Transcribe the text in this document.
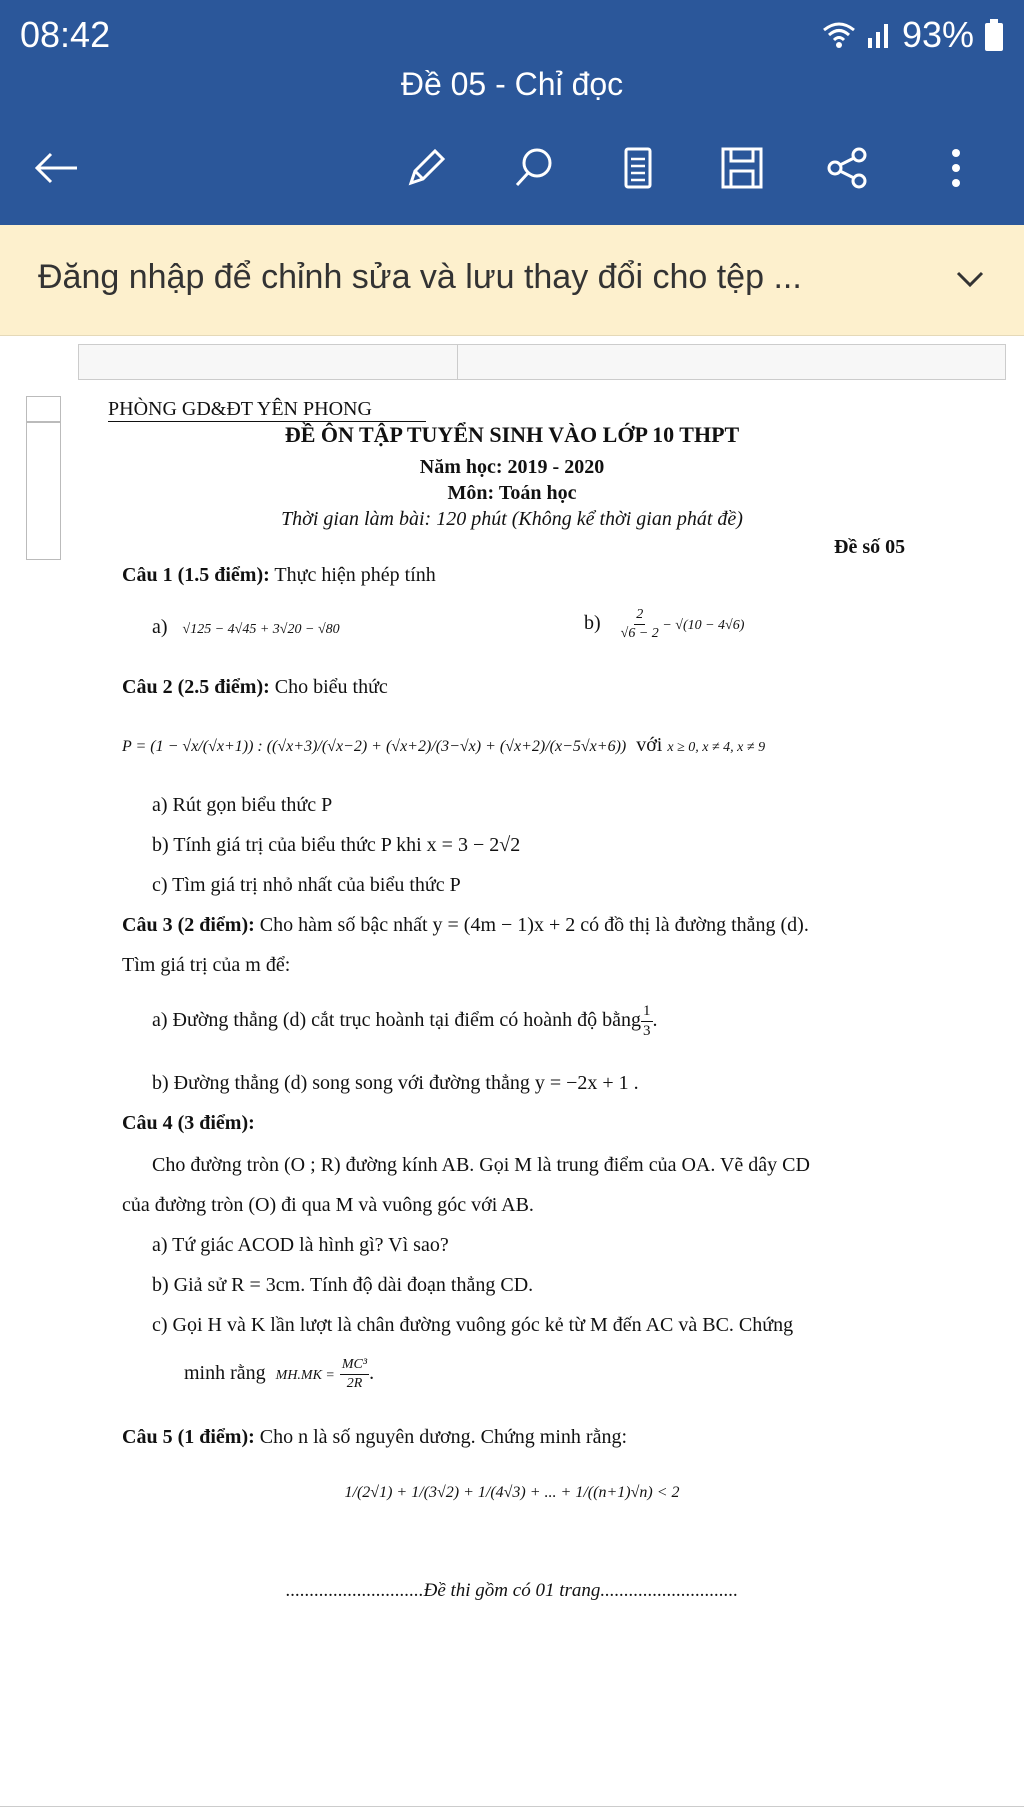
08:42	93%
Đề 05 - Chỉ đọc
Đăng nhập để chỉnh sửa và lưu thay đổi cho tệp ...
PHÒNG GD&ĐT YÊN PHONG
ĐỀ ÔN TẬP TUYỂN SINH VÀO LỚP 10 THPT
Năm học: 2019 - 2020
Môn: Toán học
Thời gian làm bài: 120 phút (Không kể thời gian phát đề)
Đề số 05
Câu 1 (1.5 điểm): Thực hiện phép tính
a) √125 − 4√45 + 3√20 − √80	$b) \frac{2}{√6 - 2} - √(10 - 4√6)$
Câu 2 (2.5 điểm): Cho biểu thức
P = (1 − √x/(√x+1)) : ((√x+3)/(√x−2) + (√x+2)/(3−√x) + (√x+2)/(x−5√x+6)) với x ≥ 0, x ≠ 4, x ≠ 9
a) Rút gọn biểu thức P
b) Tính giá trị của biểu thức P khi x = 3 − 2√2
c) Tìm giá trị nhỏ nhất của biểu thức P
Câu 3 (2 điểm): Cho hàm số bậc nhất y = (4m − 1)x + 2 có đồ thị là đường thẳng (d).
Tìm giá trị của m để:
a) Đường thẳng (d) cắt trục hoành tại điểm có hoành độ bằng $\frac{1}{3}$ .
b) Đường thẳng (d) song song với đường thẳng y = −2x + 1 .
Câu 4 (3 điểm):
Cho đường tròn (O ; R) đường kính AB. Gọi M là trung điểm của OA. Vẽ dây CD
của đường tròn (O) đi qua M và vuông góc với AB.
a) Tứ giác ACOD là hình gì? Vì sao?
b) Giả sử R = 3cm. Tính độ dài đoạn thẳng CD.
c) Gọi H và K lần lượt là chân đường vuông góc kẻ từ M đến AC và BC. Chứng
minh rằng $MH.MK = \frac{\text{MC³}}{2R}$ .
Câu 5 (1 điểm): Cho n là số nguyên dương. Chứng minh rằng:
1/(2√1) + 1/(3√2) + 1/(4√3) + ... + 1/((n+1)√n) < 2
.............................Đề thi gồm có 01 trang.............................
